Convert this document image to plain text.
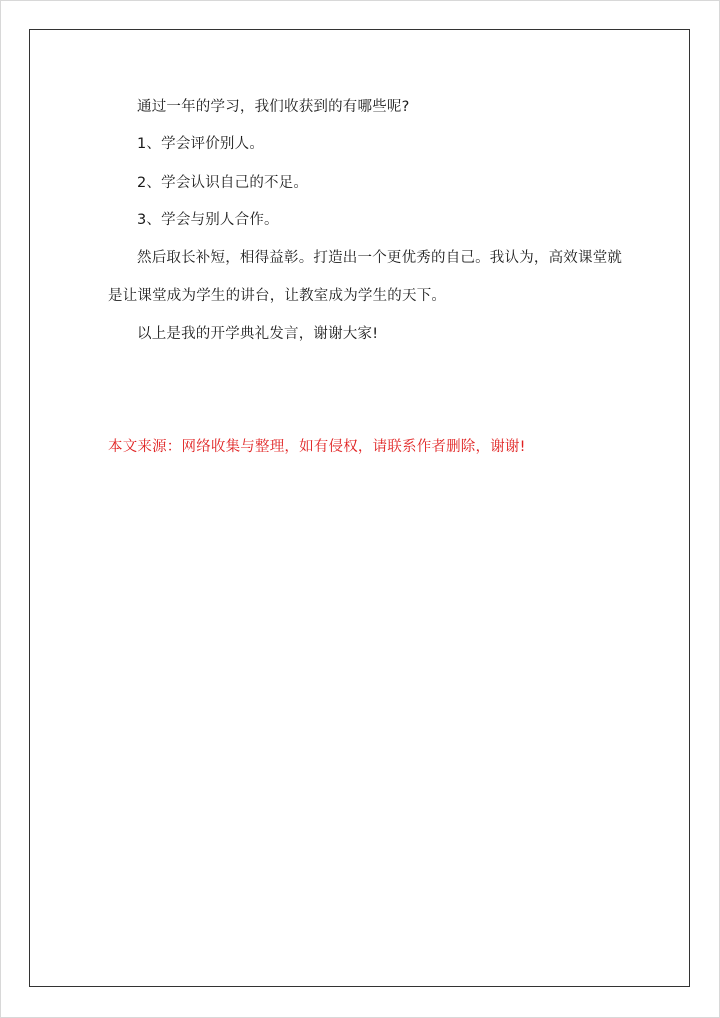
通过一年的学习，我们收获到的有哪些呢?
1、学会评价别人。
2、学会认识自己的不足。
3、学会与别人合作。
然后取长补短，相得益彰。打造出一个更优秀的自己。我认为，高效课堂就
是让课堂成为学生的讲台，让教室成为学生的天下。
以上是我的开学典礼发言，谢谢大家!
本文来源：网络收集与整理，如有侵权，请联系作者删除，谢谢!
